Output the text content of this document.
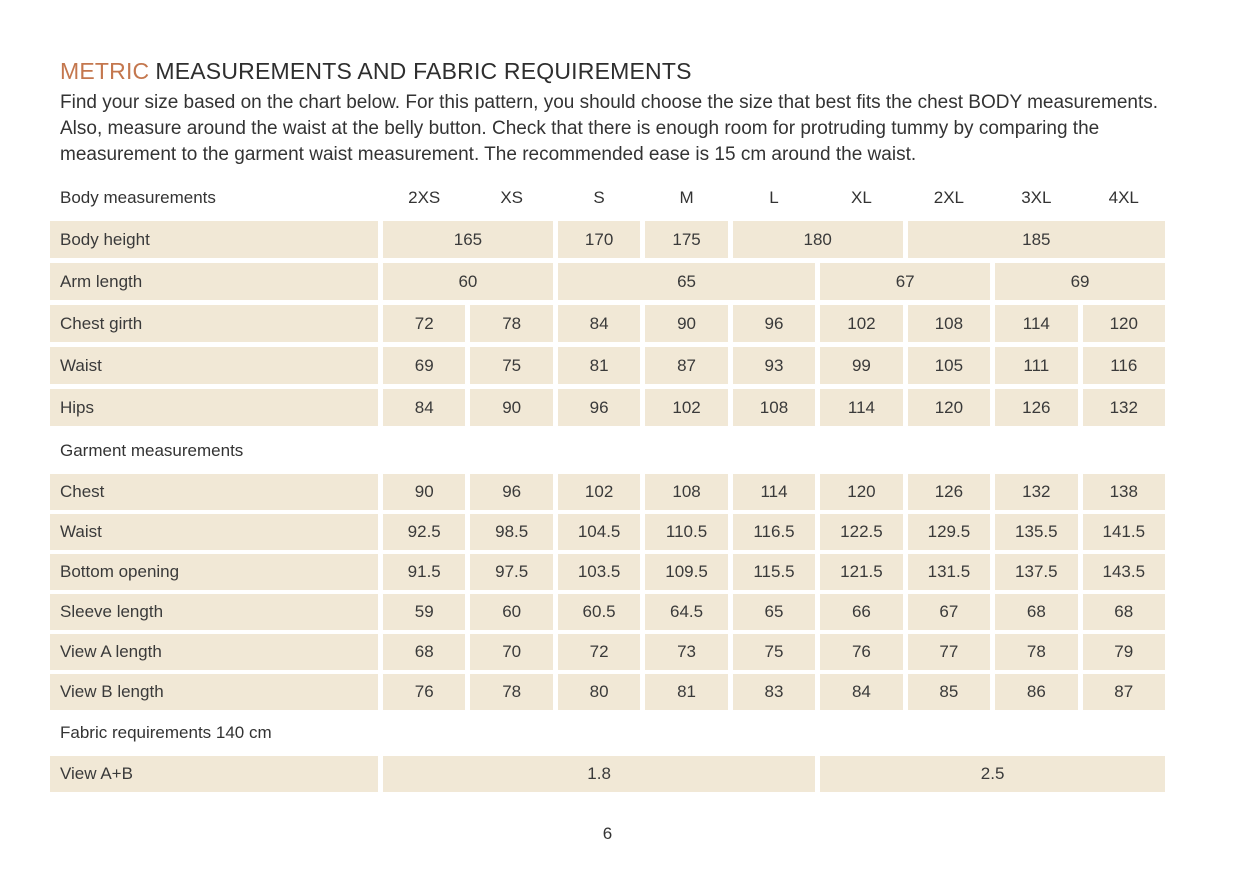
METRIC MEASUREMENTS AND FABRIC REQUIREMENTS

Find your size based on the chart below. For this pattern, you should choose the size that best fits the chest BODY measurements. Also, measure around the waist at the belly button. Check that there is enough room for protruding tummy by comparing the measurement to the garment waist measurement. The recommended ease is 15 cm around the waist.

Body measurements	2XS	XS	S	M	L	XL	2XL	3XL	4XL
Body height	165	170	175	180	185
Arm length	60	65	67	69
Chest girth	72	78	84	90	96	102	108	114	120
Waist	69	75	81	87	93	99	105	111	116
Hips	84	90	96	102	108	114	120	126	132
Garment measurements
Chest	90	96	102	108	114	120	126	132	138
Waist	92.5	98.5	104.5	110.5	116.5	122.5	129.5	135.5	141.5
Bottom opening	91.5	97.5	103.5	109.5	115.5	121.5	131.5	137.5	143.5
Sleeve length	59	60	60.5	64.5	65	66	67	68	68
View A length	68	70	72	73	75	76	77	78	79
View B length	76	78	80	81	83	84	85	86	87
Fabric requirements 140 cm
View A+B	1.8	2.5
6
